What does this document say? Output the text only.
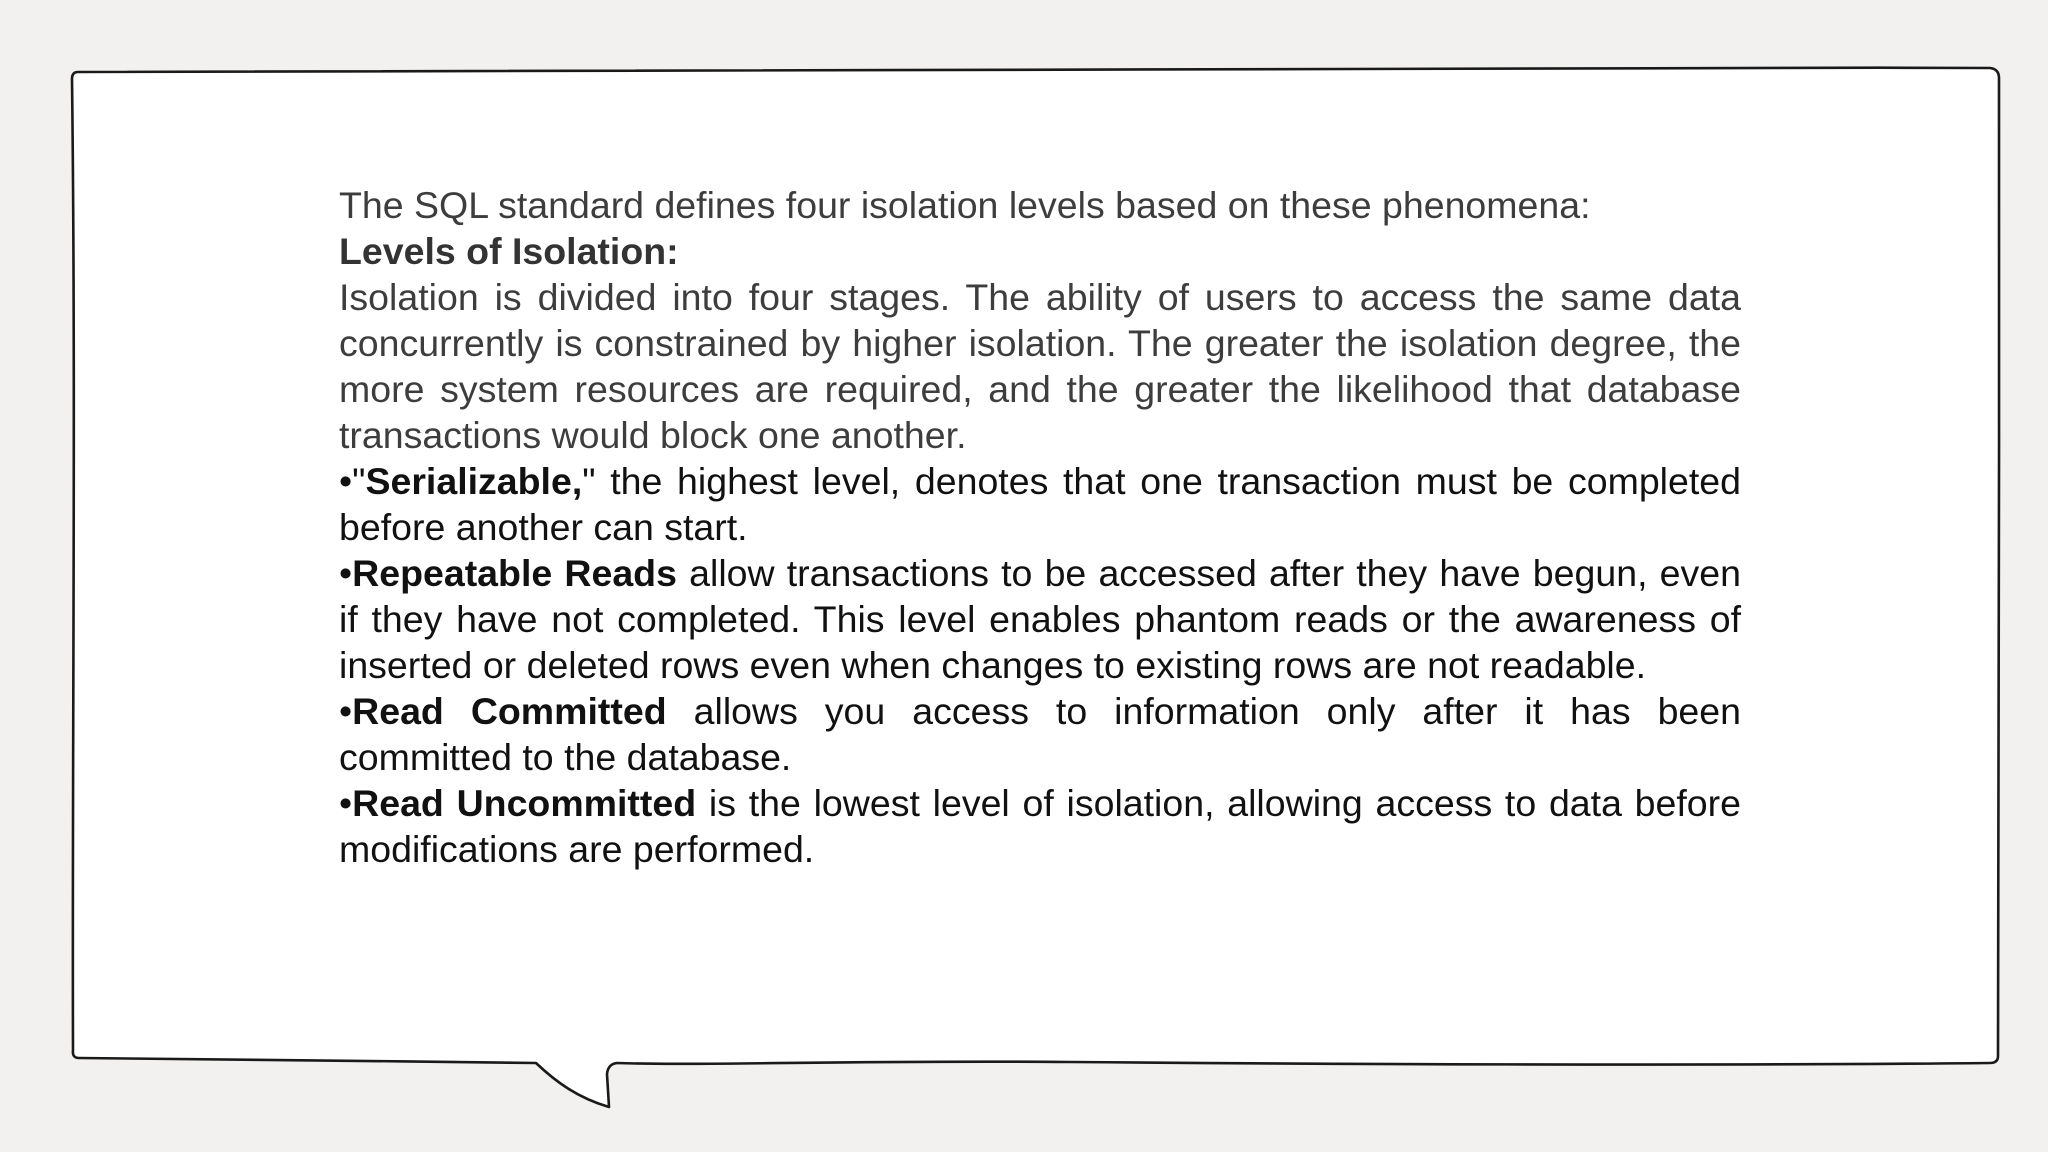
The SQL standard defines four isolation levels based on these phenomena:

Levels of Isolation:

Isolation is divided into four stages. The ability of users to access the same data concurrently is constrained by higher isolation. The greater the isolation degree, the more system resources are required, and the greater the likelihood that database transactions would block one another.

•"Serializable," the highest level, denotes that one transaction must be completed before another can start.

•Repeatable Reads allow transactions to be accessed after they have begun, even if they have not completed. This level enables phantom reads or the awareness of inserted or deleted rows even when changes to existing rows are not readable.

•Read Committed allows you access to information only after it has been committed to the database.

•Read Uncommitted is the lowest level of isolation, allowing access to data before modifications are performed.
